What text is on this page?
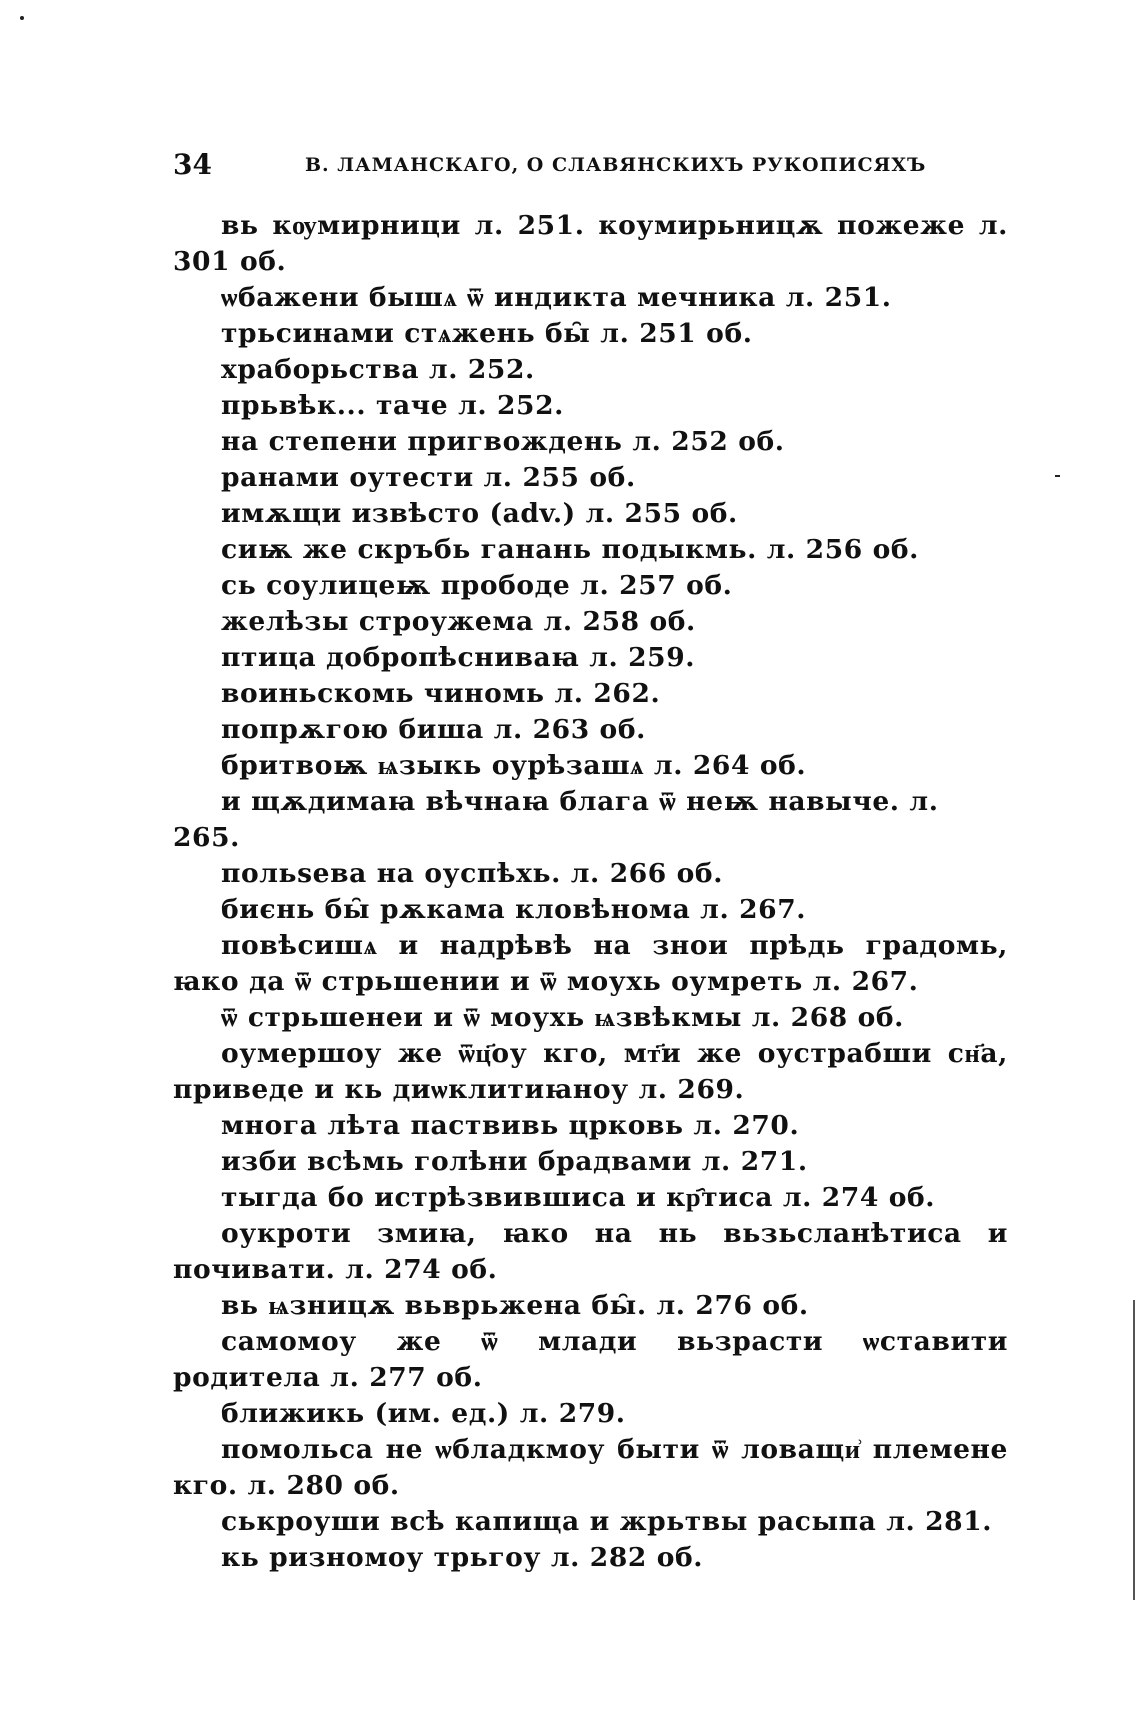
34	В. ЛАМАНСКАГО, О СЛАВЯНСКИХЪ РУКОПИСЯХЪ

вь кѹмирници л. 251. коумирьницѫ пожеже л. 301 об.

ѡбажени бышѧ ѿ индикта мечника л. 251.

трьсинами стѧжень бы̑ л. 251 об.

храборьства л. 252.

прьвѣк... таче л. 252.

на степени пригвождень л. 252 об.

ранами оутести л. 255 об.

имѫщи извѣсто (adv.) л. 255 об.

сиѭ же скръбь ганань подыкмь. л. 256 об.

сь соулицеѭ прободе л. 257 об.

желѣзы строужема л. 258 об.

птица добропѣсниваꙗ л. 259.

воиньскомь чиномь л. 262.

попрѫгою биша л. 263 об.

бритвоѭ ѩзыкь оурѣзашѧ л. 264 об.

и щѫдимаꙗ вѣчнаꙗ блага ѿ неѭ навыче. л. 265.

польѕева на оуспѣхь. л. 266 об.

биєнь бы̑ рѫкама кловѣнома л. 267.

повѣсишѧ и надрѣвѣ на знои прѣдь градомь, ꙗко да ѿ стрьшении и ѿ моухь оумреть л. 267.

ѿ стрьшенеи и ѿ моухь ѩзвѣкмы л. 268 об.

оумершоу же ѿц҃оу кго, мт҃и же оустрабши сн҃а, приведе и кь диѡклитиꙗноу л. 269.

многа лѣта паствивь црковь л. 270.

изби всѣмь голѣни брадвами л. 271.

тыгда бо истрѣзвившиса и кр҄тиса л. 274 об.

оукроти змиꙗ, ꙗко на нь вьзьсланѣтиса и почивати. л. 274 об.

вь ѩзницѫ вьврьжена бы̑. л. 276 об.

самомоу же ѿ млади вьзрасти ѡставити родитела л. 277 об.

ближикь (им. ед.) л. 279.

помольса не ѡбладкмоу быти ѿ ловащи͗ племене кго. л. 280 об.

ськроуши всѣ капища и жрьтвы расыпа л. 281.

кь ризномоу трьгоу л. 282 об.
